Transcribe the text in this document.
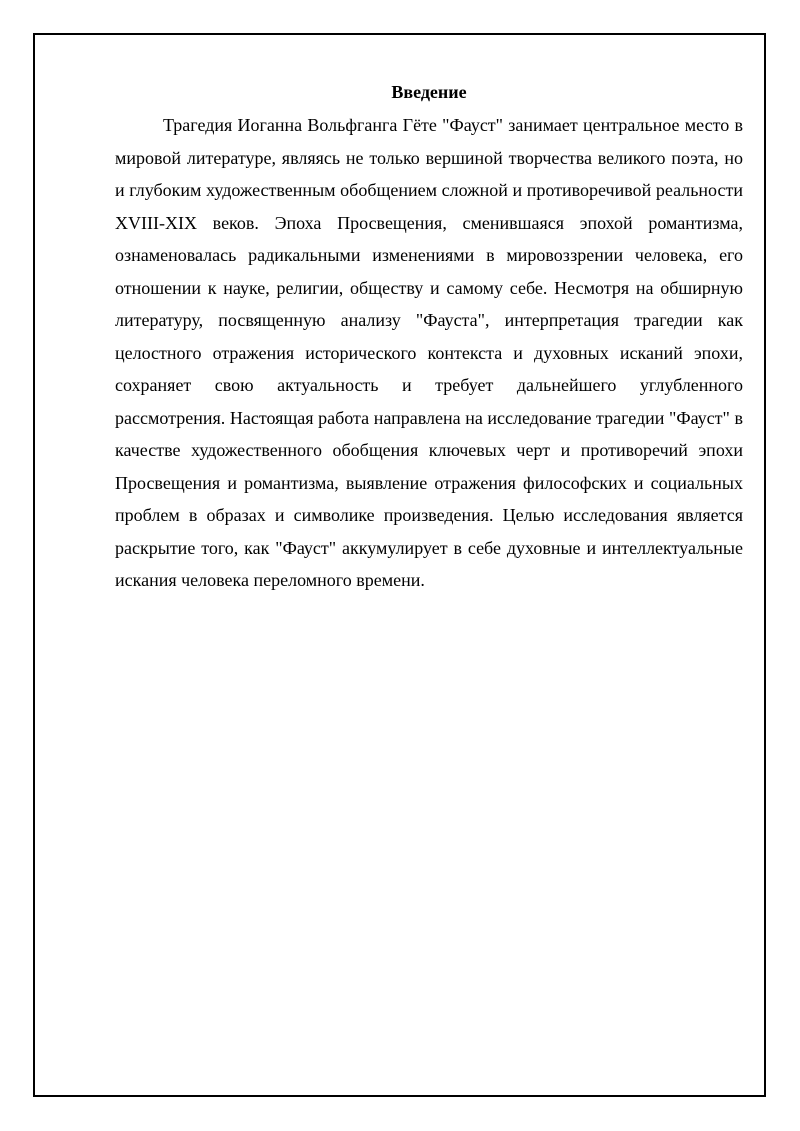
Введение

Трагедия Иоганна Вольфганга Гёте "Фауст" занимает центральное место в мировой литературе, являясь не только вершиной творчества великого поэта, но и глубоким художественным обобщением сложной и противоречивой реальности XVIII-XIX веков. Эпоха Просвещения, сменившаяся эпохой романтизма, ознаменовалась радикальными изменениями в мировоззрении человека, его отношении к науке, религии, обществу и самому себе. Несмотря на обширную литературу, посвященную анализу "Фауста", интерпретация трагедии как целостного отражения исторического контекста и духовных исканий эпохи, сохраняет свою актуальность и требует дальнейшего углубленного рассмотрения. Настоящая работа направлена на исследование трагедии "Фауст" в качестве художественного обобщения ключевых черт и противоречий эпохи Просвещения и романтизма, выявление отражения философских и социальных проблем в образах и символике произведения. Целью исследования является раскрытие того, как "Фауст" аккумулирует в себе духовные и интеллектуальные искания человека переломного времени.
